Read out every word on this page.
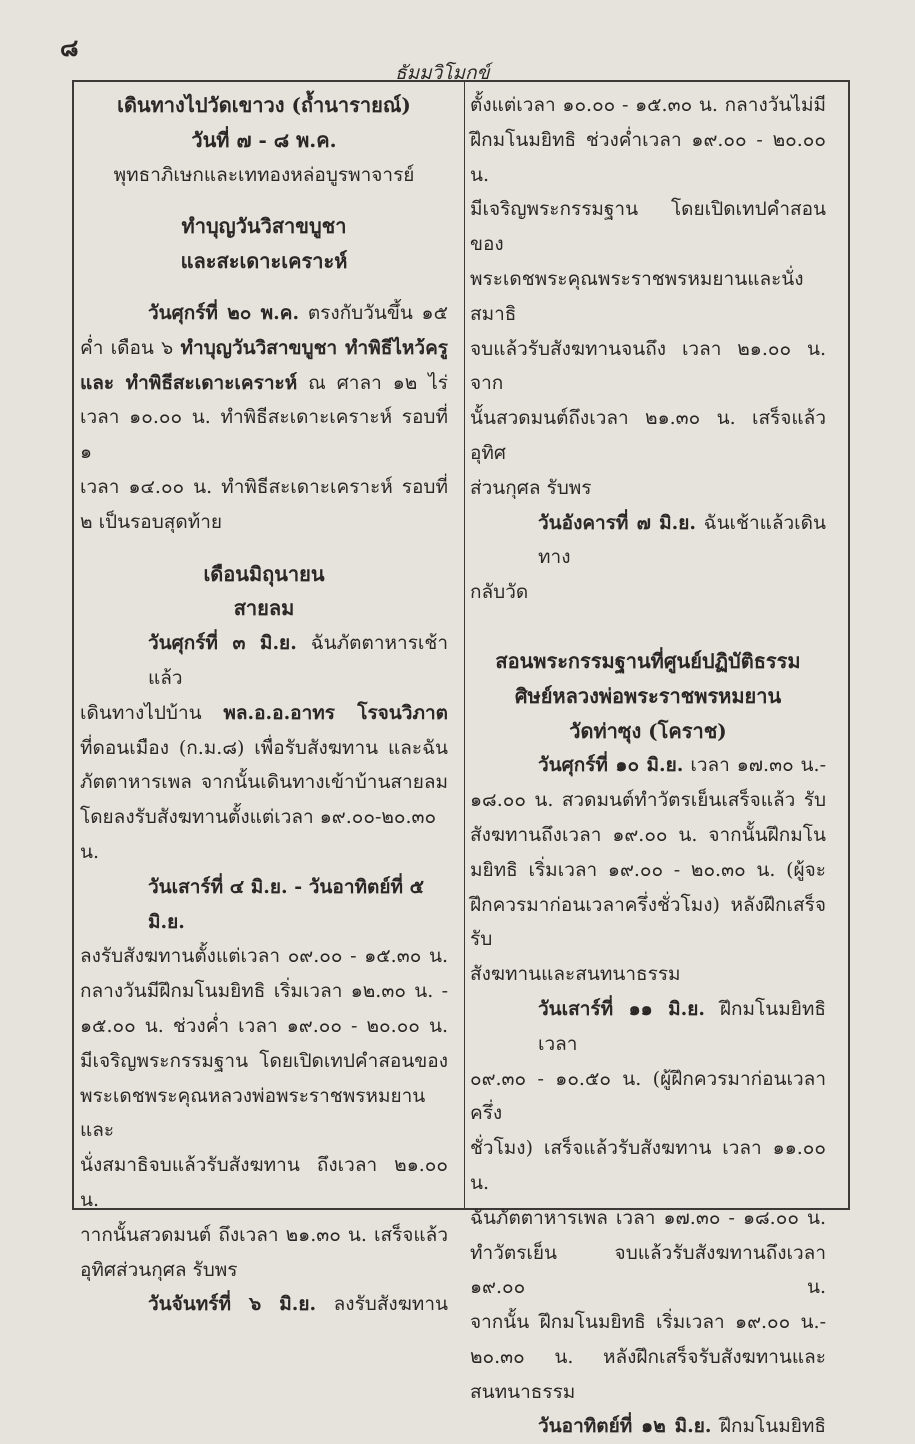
๘
ธัมมวิโมกข์

เดินทางไปวัดเขาวง (ถ้ำนารายณ์)

วันที่ ๗ - ๘ พ.ค.

พุทธาภิเษกและเททองหล่อบูรพาจารย์

ทำบุญวันวิสาขบูชา

และสะเดาะเคราะห์

วันศุกร์ที่ ๒๐ พ.ค. ตรงกับวันขึ้น ๑๕

ค่ำ เดือน ๖ ทำบุญวันวิสาขบูชา ทำพิธีไหว้ครู

และ ทำพิธีสะเดาะเคราะห์ ณ ศาลา ๑๒ ไร่

เวลา ๑๐.๐๐ น. ทำพิธีสะเดาะเคราะห์ รอบที่ ๑

เวลา ๑๔.๐๐ น. ทำพิธีสะเดาะเคราะห์ รอบที่

๒ เป็นรอบสุดท้าย

เดือนมิถุนายน

สายลม

วันศุกร์ที่ ๓ มิ.ย. ฉันภัตตาหารเช้าแล้ว

เดินทางไปบ้าน พล.อ.อ.อาทร โรจนวิภาต

ที่ดอนเมือง (ก.ม.๘) เพื่อรับสังฆทาน และฉัน

ภัตตาหารเพล จากนั้นเดินทางเข้าบ้านสายลม

โดยลงรับสังฆทานตั้งแต่เวลา ๑๙.๐๐-๒๐.๓๐ น.

วันเสาร์ที่ ๔ มิ.ย. - วันอาทิตย์ที่ ๕ มิ.ย.

ลงรับสังฆทานตั้งแต่เวลา ๐๙.๐๐ - ๑๕.๓๐ น.

กลางวันมีฝึกมโนมยิทธิ เริ่มเวลา ๑๒.๓๐ น. -

๑๕.๐๐ น. ช่วงค่ำ เวลา ๑๙.๐๐ - ๒๐.๐๐ น.

มีเจริญพระกรรมฐาน โดยเปิดเทปคำสอนของ

พระเดชพระคุณหลวงพ่อพระราชพรหมยาน และ

นั่งสมาธิจบแล้วรับสังฆทาน ถึงเวลา ๒๑.๐๐ น.

าากนั้นสวดมนต์ ถึงเวลา ๒๑.๓๐ น. เสร็จแล้ว

อุทิศส่วนกุศล รับพร

วันจันทร์ที่ ๖ มิ.ย. ลงรับสังฆทาน

ตั้งแต่เวลา ๑๐.๐๐ - ๑๕.๓๐ น. กลางวันไม่มี

ฝึกมโนมยิทธิ ช่วงค่ำเวลา ๑๙.๐๐ - ๒๐.๐๐ น.

มีเจริญพระกรรมฐาน โดยเปิดเทปคำสอนของ

พระเดชพระคุณพระราชพรหมยานและนั่งสมาธิ

จบแล้วรับสังฆทานจนถึง เวลา ๒๑.๐๐ น. จาก

นั้นสวดมนต์ถึงเวลา ๒๑.๓๐ น. เสร็จแล้ว อุทิศ

ส่วนกุศล รับพร

วันอังคารที่ ๗ มิ.ย. ฉันเช้าแล้วเดินทาง

กลับวัด

สอนพระกรรมฐานที่ศูนย์ปฏิบัติธรรม

ศิษย์หลวงพ่อพระราชพรหมยาน

วัดท่าซุง (โคราช)

วันศุกร์ที่ ๑๐ มิ.ย. เวลา ๑๗.๓๐ น.-

๑๘.๐๐ น. สวดมนต์ทำวัตรเย็นเสร็จแล้ว รับ

สังฆทานถึงเวลา ๑๙.๐๐ น. จากนั้นฝึกมโน

มยิทธิ เริ่มเวลา ๑๙.๐๐ - ๒๐.๓๐ น. (ผู้จะ

ฝึกควรมาก่อนเวลาครึ่งชั่วโมง) หลังฝึกเสร็จ รับ

สังฆทานและสนทนาธรรม

วันเสาร์ที่ ๑๑ มิ.ย. ฝึกมโนมยิทธิ เวลา

๐๙.๓๐ - ๑๐.๕๐ น. (ผู้ฝึกควรมาก่อนเวลาครึ่ง

ชั่วโมง) เสร็จแล้วรับสังฆทาน เวลา ๑๑.๐๐ น.

ฉันภัตตาหารเพล เวลา ๑๗.๓๐ - ๑๘.๐๐ น.

ทำวัตรเย็น จบแล้วรับสังฆทานถึงเวลา ๑๙.๐๐ น.

จากนั้น ฝึกมโนมยิทธิ เริ่มเวลา ๑๙.๐๐ น.-

๒๐.๓๐ น. หลังฝึกเสร็จรับสังฆทานและ

สนทนาธรรม

วันอาทิตย์ที่ ๑๒ มิ.ย. ฝึกมโนมยิทธิ
